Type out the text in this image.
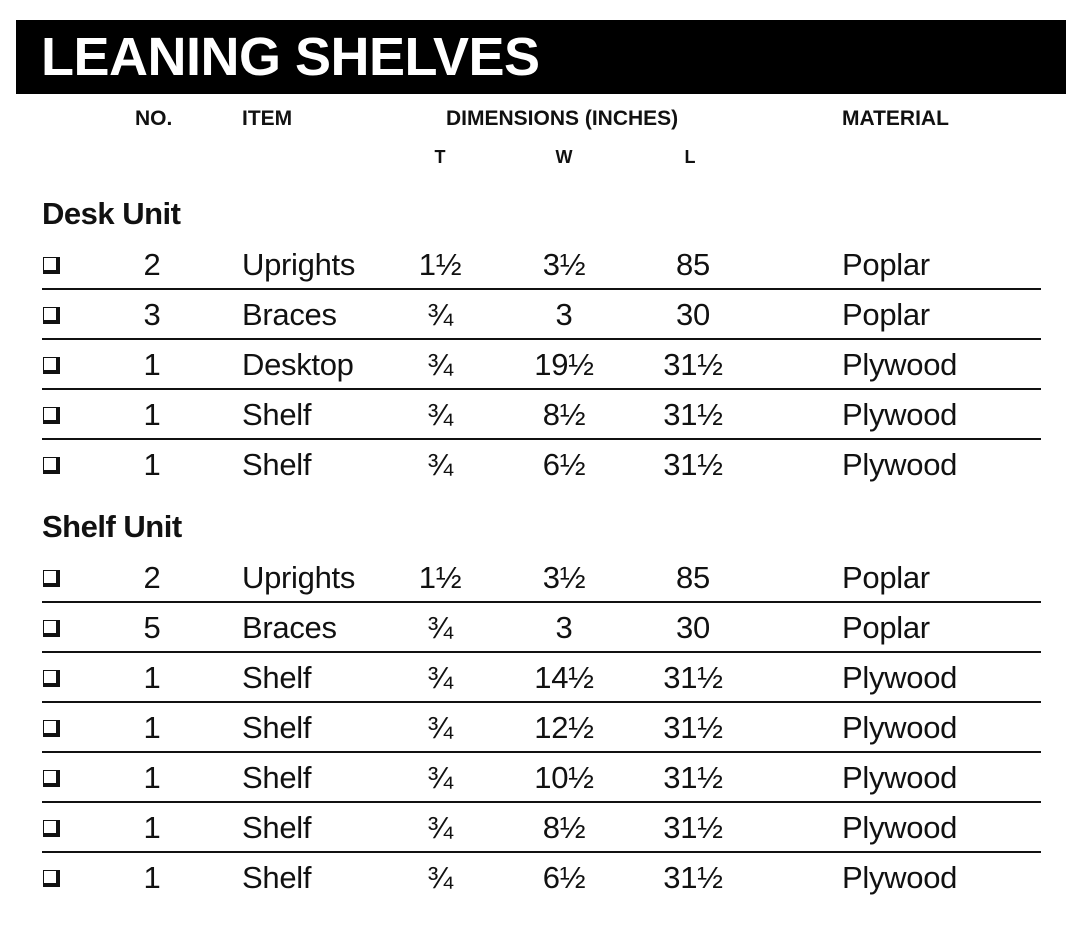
LEANING SHELVES
NO.	ITEM	DIMENSIONS (INCHES)	MATERIAL
T	W	L
Desk Unit
2	Uprights	1½	3½	85	Poplar
3	Braces	¾	3	30	Poplar
1	Desktop	¾	19½	31½	Plywood
1	Shelf	¾	8½	31½	Plywood
1	Shelf	¾	6½	31½	Plywood
Shelf Unit
2	Uprights	1½	3½	85	Poplar
5	Braces	¾	3	30	Poplar
1	Shelf	¾	14½	31½	Plywood
1	Shelf	¾	12½	31½	Plywood
1	Shelf	¾	10½	31½	Plywood
1	Shelf	¾	8½	31½	Plywood
1	Shelf	¾	6½	31½	Plywood
